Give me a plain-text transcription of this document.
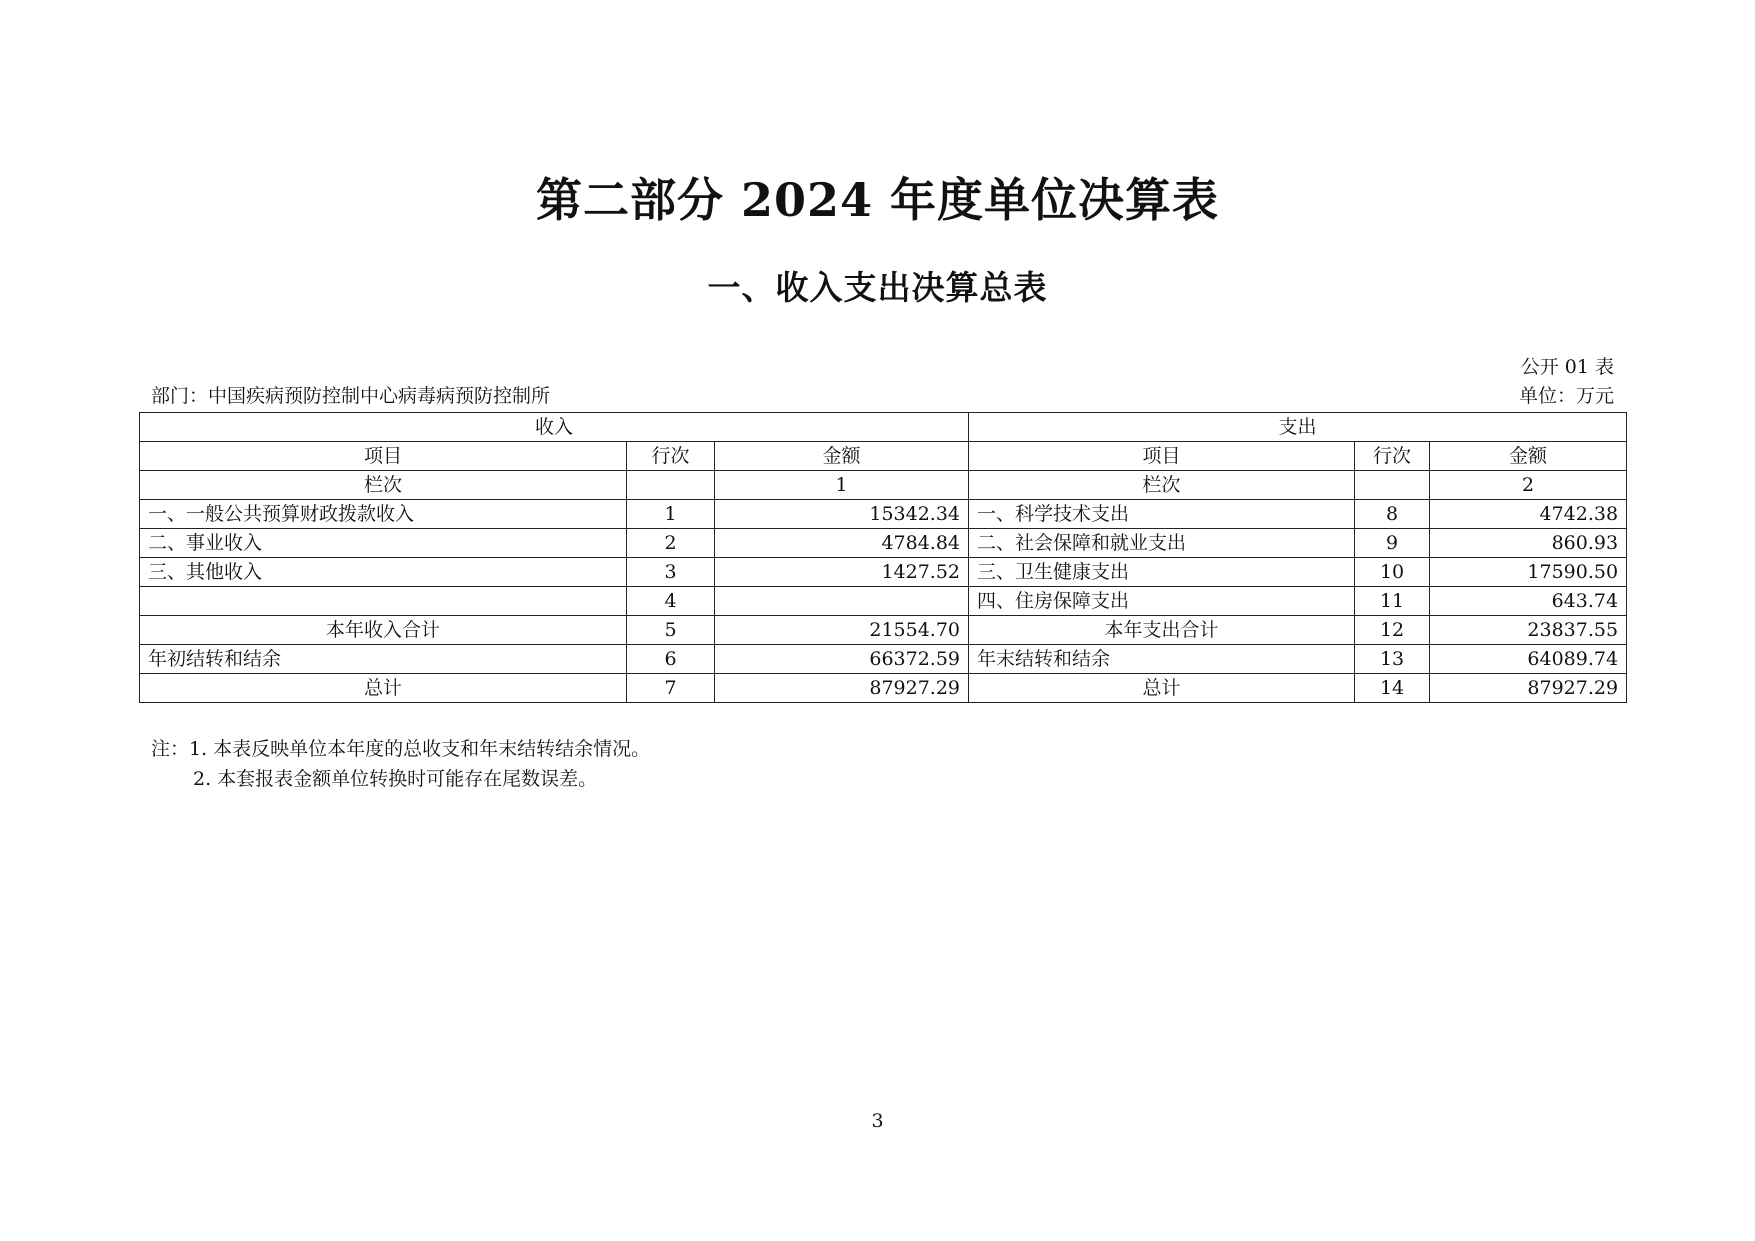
第二部分 2024 年度单位决算表
一、收入支出决算总表
公开 01 表
部门：中国疾病预防控制中心病毒病预防控制所	单位：万元
收入			支出		
项目	行次	金额	项目	行次	金额
栏次		1	栏次		2
一、一般公共预算财政拨款收入	1	15342.34	一、科学技术支出	8	4742.38
二、事业收入	2	4784.84	二、社会保障和就业支出	9	860.93
三、其他收入	3	1427.52	三、卫生健康支出	10	17590.50
	4		四、住房保障支出	11	643.74
本年收入合计	5	21554.70	本年支出合计	12	23837.55
年初结转和结余	6	66372.59	年末结转和结余	13	64089.74
总计	7	87927.29	总计	14	87927.29
注：1. 本表反映单位本年度的总收支和年末结转结余情况。
2. 本套报表金额单位转换时可能存在尾数误差。
3
